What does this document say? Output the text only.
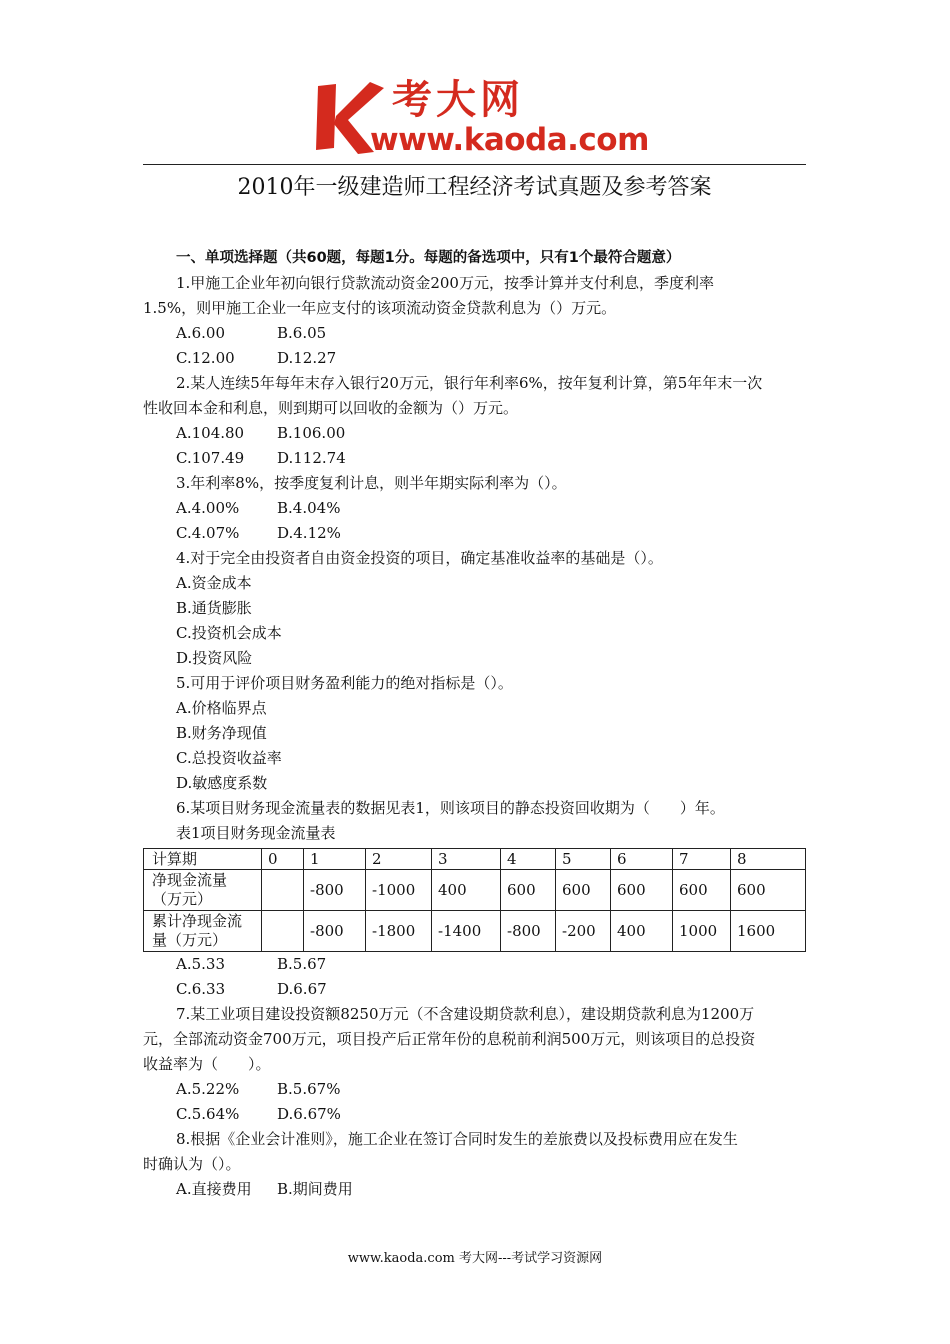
考大网
www.kaoda.com
2010年一级建造师工程经济考试真题及参考答案
一、单项选择题（共60题，每题1分。每题的备选项中，只有1个最符合题意）
1.甲施工企业年初向银行贷款流动资金200万元，按季计算并支付利息，季度利率
1.5%，则甲施工企业一年应支付的该项流动资金贷款利息为（）万元。
A.6.00	B.6.05
C.12.00	D.12.27
2.某人连续5年每年末存入银行20万元，银行年利率6%，按年复利计算，第5年年末一次
性收回本金和利息，则到期可以回收的金额为（）万元。
A.104.80 B.106.00
C.107.49 D.112.74
3.年利率8%，按季度复利计息，则半年期实际利率为（）。
A.4.00%	B.4.04%
C.4.07%	D.4.12%
4.对于完全由投资者自由资金投资的项目，确定基准收益率的基础是（）。
A.资金成本
B.通货膨胀
C.投资机会成本
D.投资风险
5.可用于评价项目财务盈利能力的绝对指标是（）。
A.价格临界点
B.财务净现值
C.总投资收益率
D.敏感度系数
6.某项目财务现金流量表的数据见表1，则该项目的静态投资回收期为（　　）年。
表1项目财务现金流量表
计算期	0	1	2	3	4	5	6	7	8

净现金流量
（万元）		-800	-1000	400	600	600	600	600	600

累计净现金流
量（万元）		-800	-1800	-1400	-800	-200	400	1000	1600
A.5.33	B.5.67
C.6.33	D.6.67
7.某工业项目建设投资额8250万元（不含建设期贷款利息），建设期贷款利息为1200万
元，全部流动资金700万元，项目投产后正常年份的息税前利润500万元，则该项目的总投资
收益率为（　　）。
A.5.22%	B.5.67%
C.5.64%	D.6.67%
8.根据《企业会计准则》，施工企业在签订合同时发生的差旅费以及投标费用应在发生
时确认为（）。
A.直接费用 B.期间费用
www.kaoda.com 考大网---考试学习资源网
